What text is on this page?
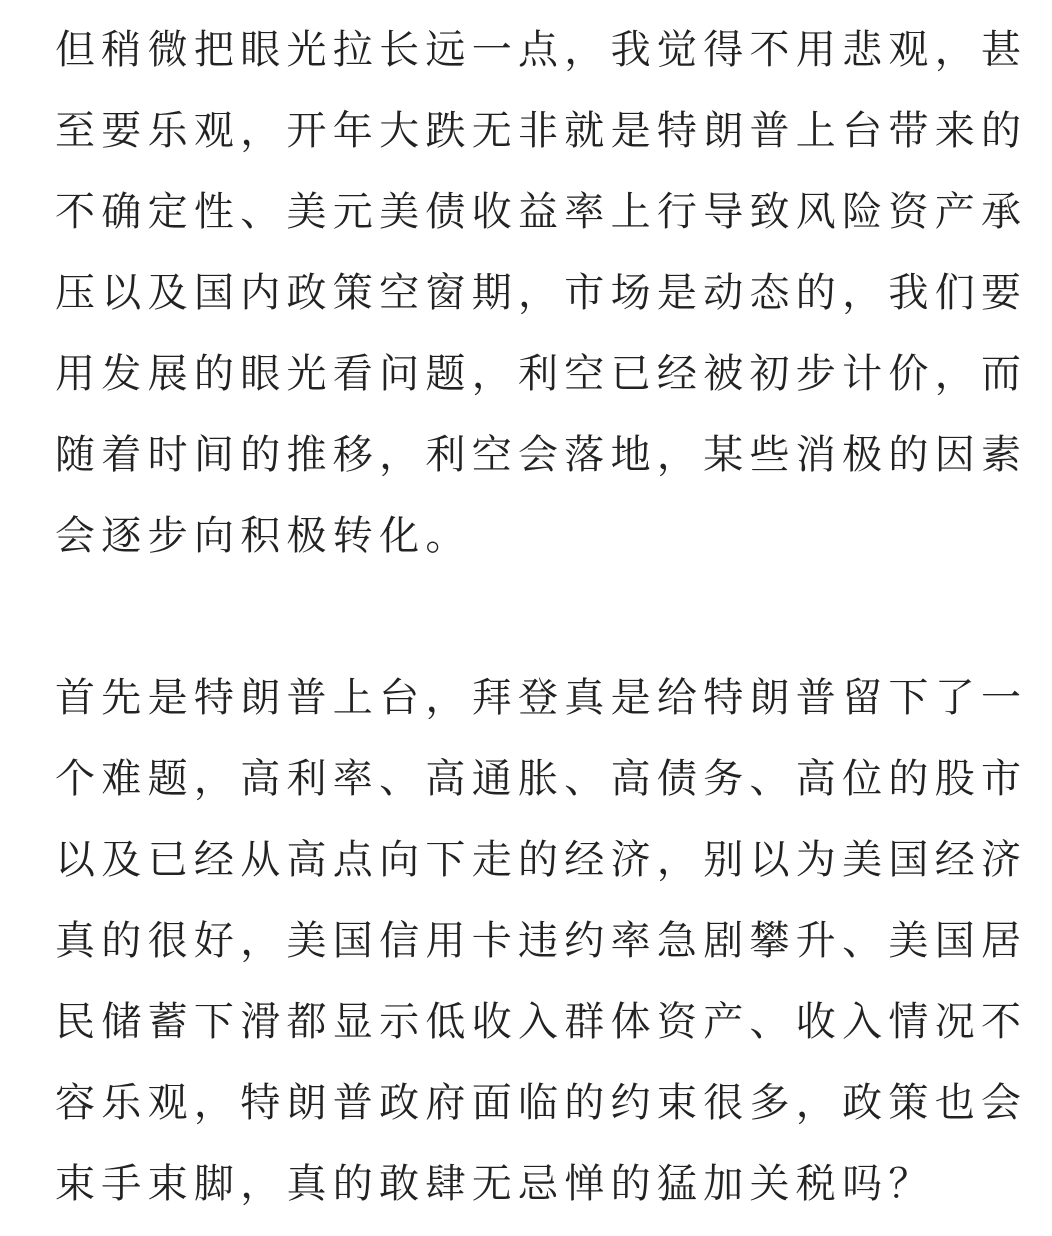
但稍微把眼光拉长远一点，我觉得不用悲观，甚
至要乐观，开年大跌无非就是特朗普上台带来的
不确定性、美元美债收益率上行导致风险资产承
压以及国内政策空窗期，市场是动态的，我们要
用发展的眼光看问题，利空已经被初步计价，而
随着时间的推移，利空会落地，某些消极的因素
会逐步向积极转化。

首先是特朗普上台，拜登真是给特朗普留下了一
个难题，高利率、高通胀、高债务、高位的股市
以及已经从高点向下走的经济，别以为美国经济
真的很好，美国信用卡违约率急剧攀升、美国居
民储蓄下滑都显示低收入群体资产、收入情况不
容乐观，特朗普政府面临的约束很多，政策也会
束手束脚，真的敢肆无忌惮的猛加关税吗？
